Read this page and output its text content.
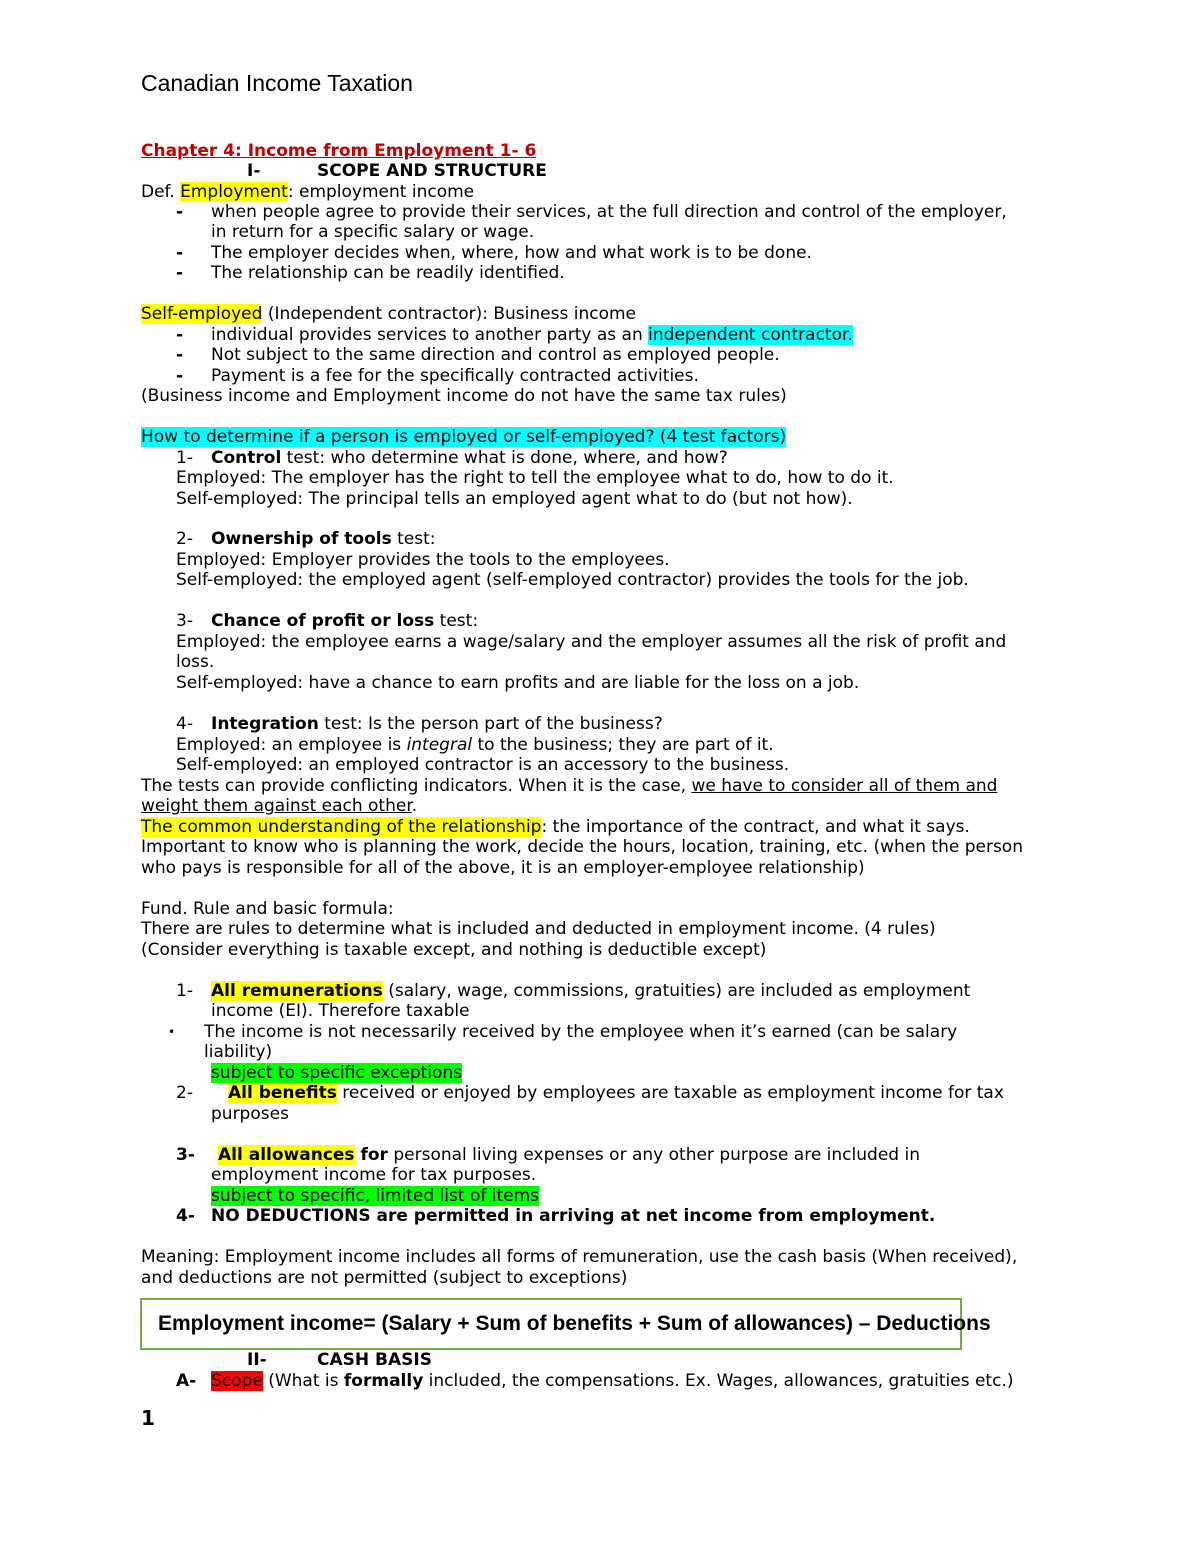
Canadian Income Taxation
Chapter 4: Income from Employment 1- 6
I-	SCOPE AND STRUCTURE
Def. Employment: employment income
- when people agree to provide their services, at the full direction and control of the employer,
in return for a specific salary or wage.
- The employer decides when, where, how and what work is to be done.
- The relationship can be readily identified.
Self-employed (Independent contractor): Business income
- individual provides services to another party as an independent contractor.
- Not subject to the same direction and control as employed people.
- Payment is a fee for the specifically contracted activities.
(Business income and Employment income do not have the same tax rules)
How to determine if a person is employed or self-employed? (4 test factors)
1- Control test: who determine what is done, where, and how?
Employed: The employer has the right to tell the employee what to do, how to do it.
Self-employed: The principal tells an employed agent what to do (but not how).
2- Ownership of tools test:
Employed: Employer provides the tools to the employees.
Self-employed: the employed agent (self-employed contractor) provides the tools for the job.
3- Chance of profit or loss test:
Employed: the employee earns a wage/salary and the employer assumes all the risk of profit and
loss.
Self-employed: have a chance to earn profits and are liable for the loss on a job.
4- Integration test: Is the person part of the business?
Employed: an employee is integral to the business; they are part of it.
Self-employed: an employed contractor is an accessory to the business.
The tests can provide conflicting indicators. When it is the case, we have to consider all of them and
weight them against each other.
The common understanding of the relationship: the importance of the contract, and what it says.
Important to know who is planning the work, decide the hours, location, training, etc. (when the person
who pays is responsible for all of the above, it is an employer-employee relationship)
Fund. Rule and basic formula:
There are rules to determine what is included and deducted in employment income. (4 rules)
(Consider everything is taxable except, and nothing is deductible except)
1- All remunerations (salary, wage, commissions, gratuities) are included as employment
income (EI). Therefore taxable
• The income is not necessarily received by the employee when it’s earned (can be salary
liability)
subject to specific exceptions
2- All benefits received or enjoyed by employees are taxable as employment income for tax
purposes
3- All allowances for personal living expenses or any other purpose are included in
employment income for tax purposes.
subject to specific, limited list of items
4- NO DEDUCTIONS are permitted in arriving at net income from employment.
Meaning: Employment income includes all forms of remuneration, use the cash basis (When received),
and deductions are not permitted (subject to exceptions)
Employment income= (Salary + Sum of benefits + Sum of allowances) – Deductions
II-	CASH BASIS
A- Scope (What is formally included, the compensations. Ex. Wages, allowances, gratuities etc.)
1
